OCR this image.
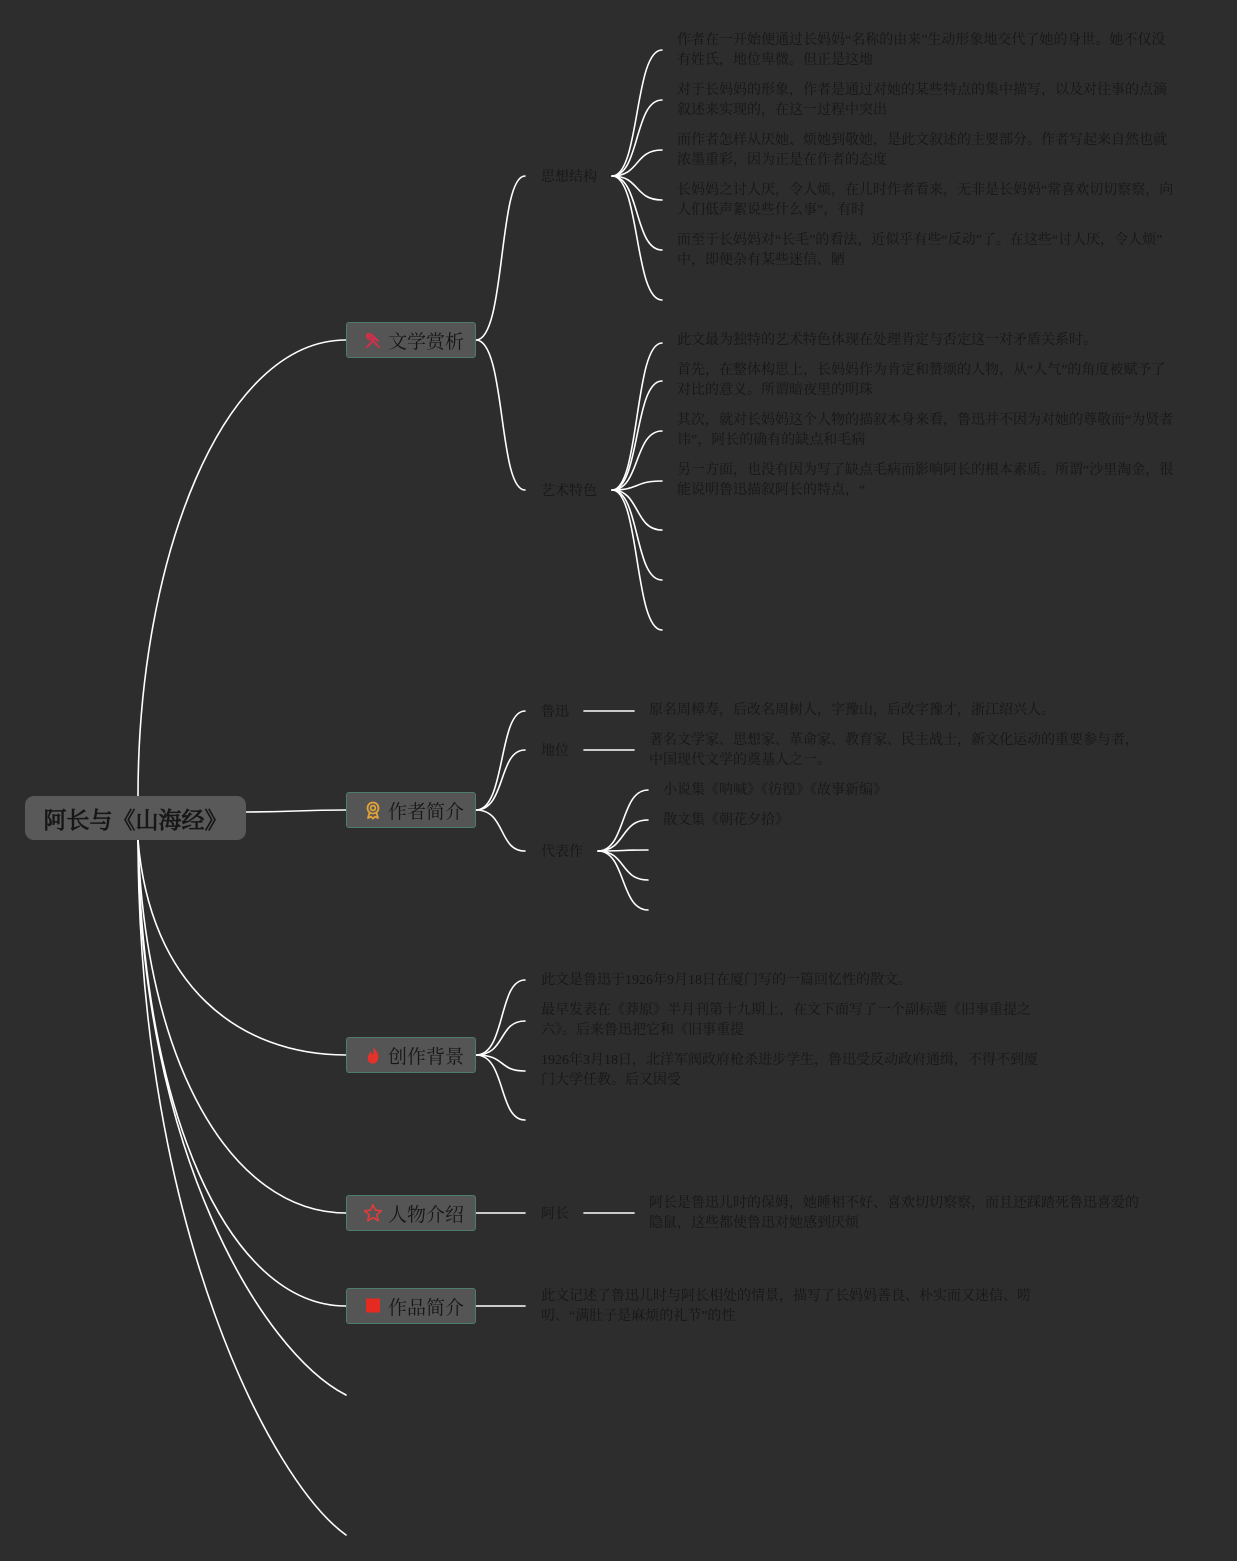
阿长与《山海经》
文学赏析
思想结构
艺术特色
作者在一开始便通过长妈妈“名称的由来”生动形象地交代了她的身世。她不仅没
有姓氏，地位卑微。但正是这地
对于长妈妈的形象，作者是通过对她的某些特点的集中描写，以及对往事的点滴
叙述来实现的，在这一过程中突出
而作者怎样从厌她、烦她到敬她，是此文叙述的主要部分。作者写起来自然也就
浓墨重彩，因为正是在作者的态度
长妈妈之讨人厌，令人烦，在儿时作者看来，无非是长妈妈“常喜欢切切察察，向
人们低声絮说些什么事”，有时
而至于长妈妈对“长毛”的看法，近似乎有些“反动”了。在这些“讨人厌，令人烦”
中，即便杂有某些迷信、陋
此文最为独特的艺术特色体现在处理肯定与否定这一对矛盾关系时。
首先，在整体构思上，长妈妈作为肯定和赞颂的人物，从“人气”的角度被赋予了
对比的意义。所谓暗夜里的明珠
其次，就对长妈妈这个人物的描叙本身来看，鲁迅并不因为对她的尊敬而“为贤者
讳”，阿长的确有的缺点和毛病
另一方面，也没有因为写了缺点毛病而影响阿长的根本素质。所谓“沙里淘金，很
能说明鲁迅描叙阿长的特点，“
作者简介
鲁迅
地位
代表作
原名周樟寿，后改名周树人，字豫山，后改字豫才，浙江绍兴人。
著名文学家、思想家、革命家、教育家、民主战士，新文化运动的重要参与者，
中国现代文学的奠基人之一。
小说集《呐喊》《彷徨》《故事新编》
散文集《朝花夕拾》
创作背景
此文是鲁迅于1926年9月18日在厦门写的一篇回忆性的散文。
最早发表在《莽原》半月刊第十九期上，在文下面写了一个副标题《旧事重提之
六》。后来鲁迅把它和《旧事重提
1926年3月18日，北洋军阀政府枪杀进步学生，鲁迅受反动政府通缉，不得不到厦
门大学任教。后又因受
人物介绍	阿长
阿长是鲁迅儿时的保姆，她睡相不好、喜欢切切察察，而且还踩踏死鲁迅喜爱的
隐鼠，这些都使鲁迅对她感到厌烦
作品简介
此文记述了鲁迅儿时与阿长相处的情景，描写了长妈妈善良、朴实而又迷信、唠
叨、“满肚子是麻烦的礼节”的性
